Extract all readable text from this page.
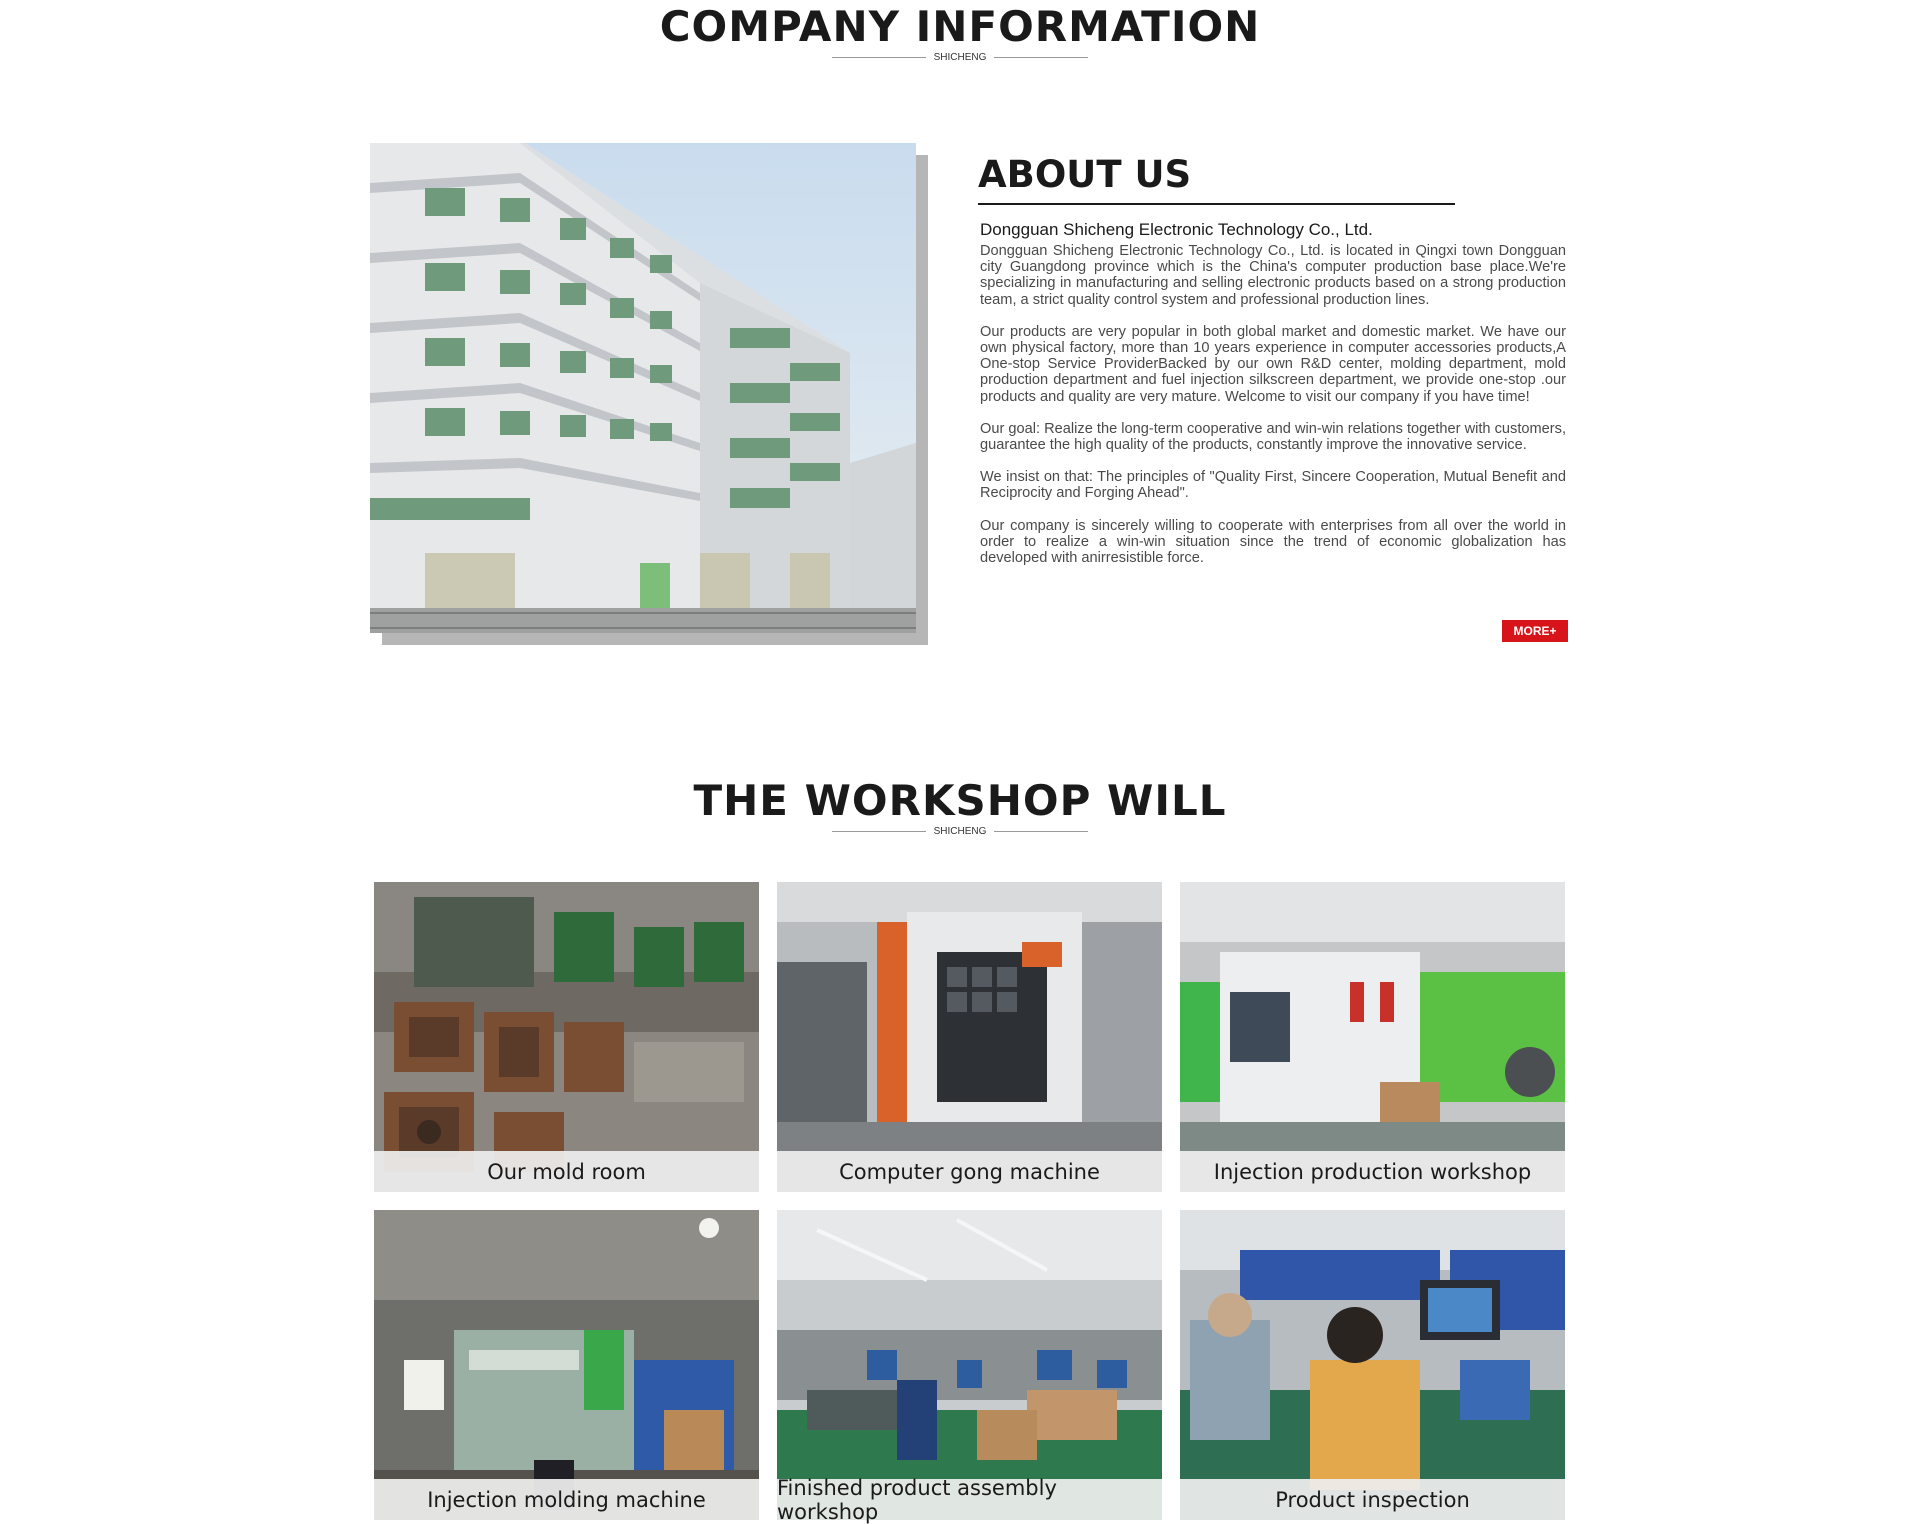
COMPANY INFORMATION
SHICHENG
ABOUT US
Dongguan Shicheng Electronic Technology Co., Ltd.

Dongguan Shicheng Electronic Technology Co., Ltd. is located in Qingxi town Dongguan city Guangdong province which is the China's computer production base place.We're specializing in manufacturing and selling electronic products based on a strong production team, a strict quality control system and professional production lines.

Our products are very popular in both global market and domestic market. We have our own physical factory, more than 10 years experience in computer accessories products,A One-stop Service ProviderBacked by our own R&D center, molding department, mold production department and fuel injection silkscreen department, we provide one-stop .our products and quality are very mature. Welcome to visit our company if you have time!

Our goal: Realize the long-term cooperative and win-win relations together with customers, guarantee the high quality of the products, constantly improve the innovative service.

We insist on that: The principles of "Quality First, Sincere Cooperation, Mutual Benefit and Reciprocity and Forging Ahead".

Our company is sincerely willing to cooperate with enterprises from all over the world in order to realize a win-win situation since the trend of economic globalization has developed with anirresistible force.

MORE+
THE WORKSHOP WILL
SHICHENG
Our mold room	Computer gong machine	Injection production workshop
Injection molding machine	Finished product assembly workshop	Product inspection
